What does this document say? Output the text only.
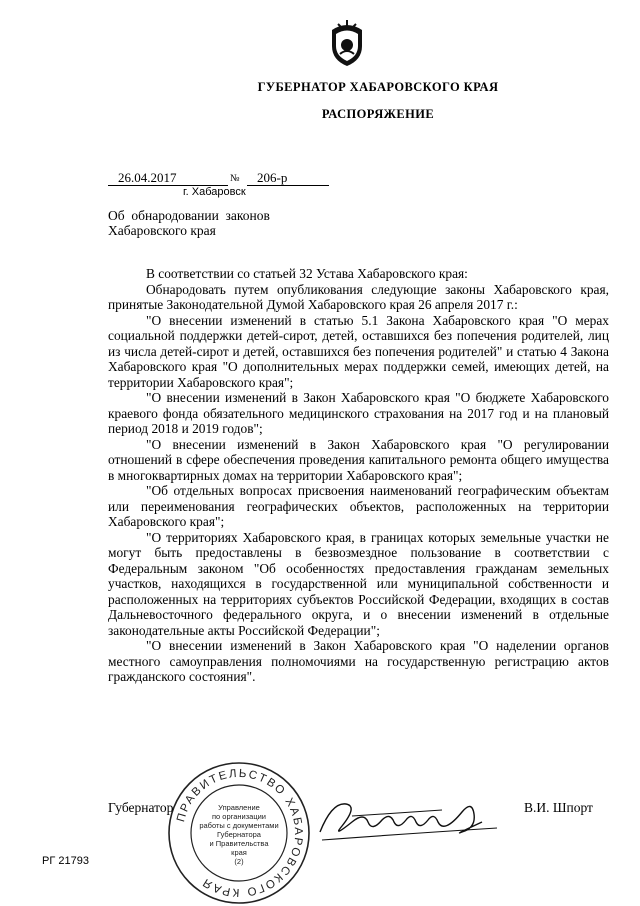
ГУБЕРНАТОР ХАБАРОВСКОГО КРАЯ
РАСПОРЯЖЕНИЕ
26.04.2017	№	206-р
г. Хабаровск
Об  обнародовании  законов
Хабаровского края

В соответствии со статьей 32 Устава Хабаровского края:

Обнародовать путем опубликования следующие законы Хабаровского края, принятые Законодательной Думой Хабаровского края 26 апреля 2017 г.:

"О внесении изменений в статью 5.1 Закона Хабаровского края "О мерах социальной поддержки детей-сирот, детей, оставшихся без попечения родителей, лиц из числа детей-сирот и детей, оставшихся без попечения родителей" и статью 4 Закона Хабаровского края "О дополнительных мерах поддержки семей, имеющих детей, на территории Хабаровского края";

"О внесении изменений в Закон Хабаровского края "О бюджете Хабаровского краевого фонда обязательного медицинского страхования на 2017 год и на плановый период 2018 и 2019 годов";

"О внесении изменений в Закон Хабаровского края "О регулировании отношений в сфере обеспечения проведения капитального ремонта общего имущества в многоквартирных домах на территории Хабаровского края";

"Об отдельных вопросах присвоения наименований географическим объектам или переименования географических объектов, расположенных на территории Хабаровского края";

"О территориях Хабаровского края, в границах которых земельные участки не могут быть предоставлены в безвозмездное пользование в соответствии с Федеральным законом "Об особенностях предоставления гражданам земельных участков, находящихся в государственной или муниципальной собственности и расположенных на территориях субъектов Российской Федерации, входящих в состав Дальневосточного федерального округа, и о внесении изменений в отдельные законодательные акты Российской Федерации";

"О внесении изменений в Закон Хабаровского края "О наделении органов местного самоуправления полномочиями на государственную регистрацию актов гражданского состояния".

ПРАВИТЕЛЬСТВО ХАБАРОВСКОГО КРАЯ
Управление
по организации
работы с документами
Губернатора
и Правительства
края
(2)
Губернатор	В.И. Шпорт
РГ 21793
